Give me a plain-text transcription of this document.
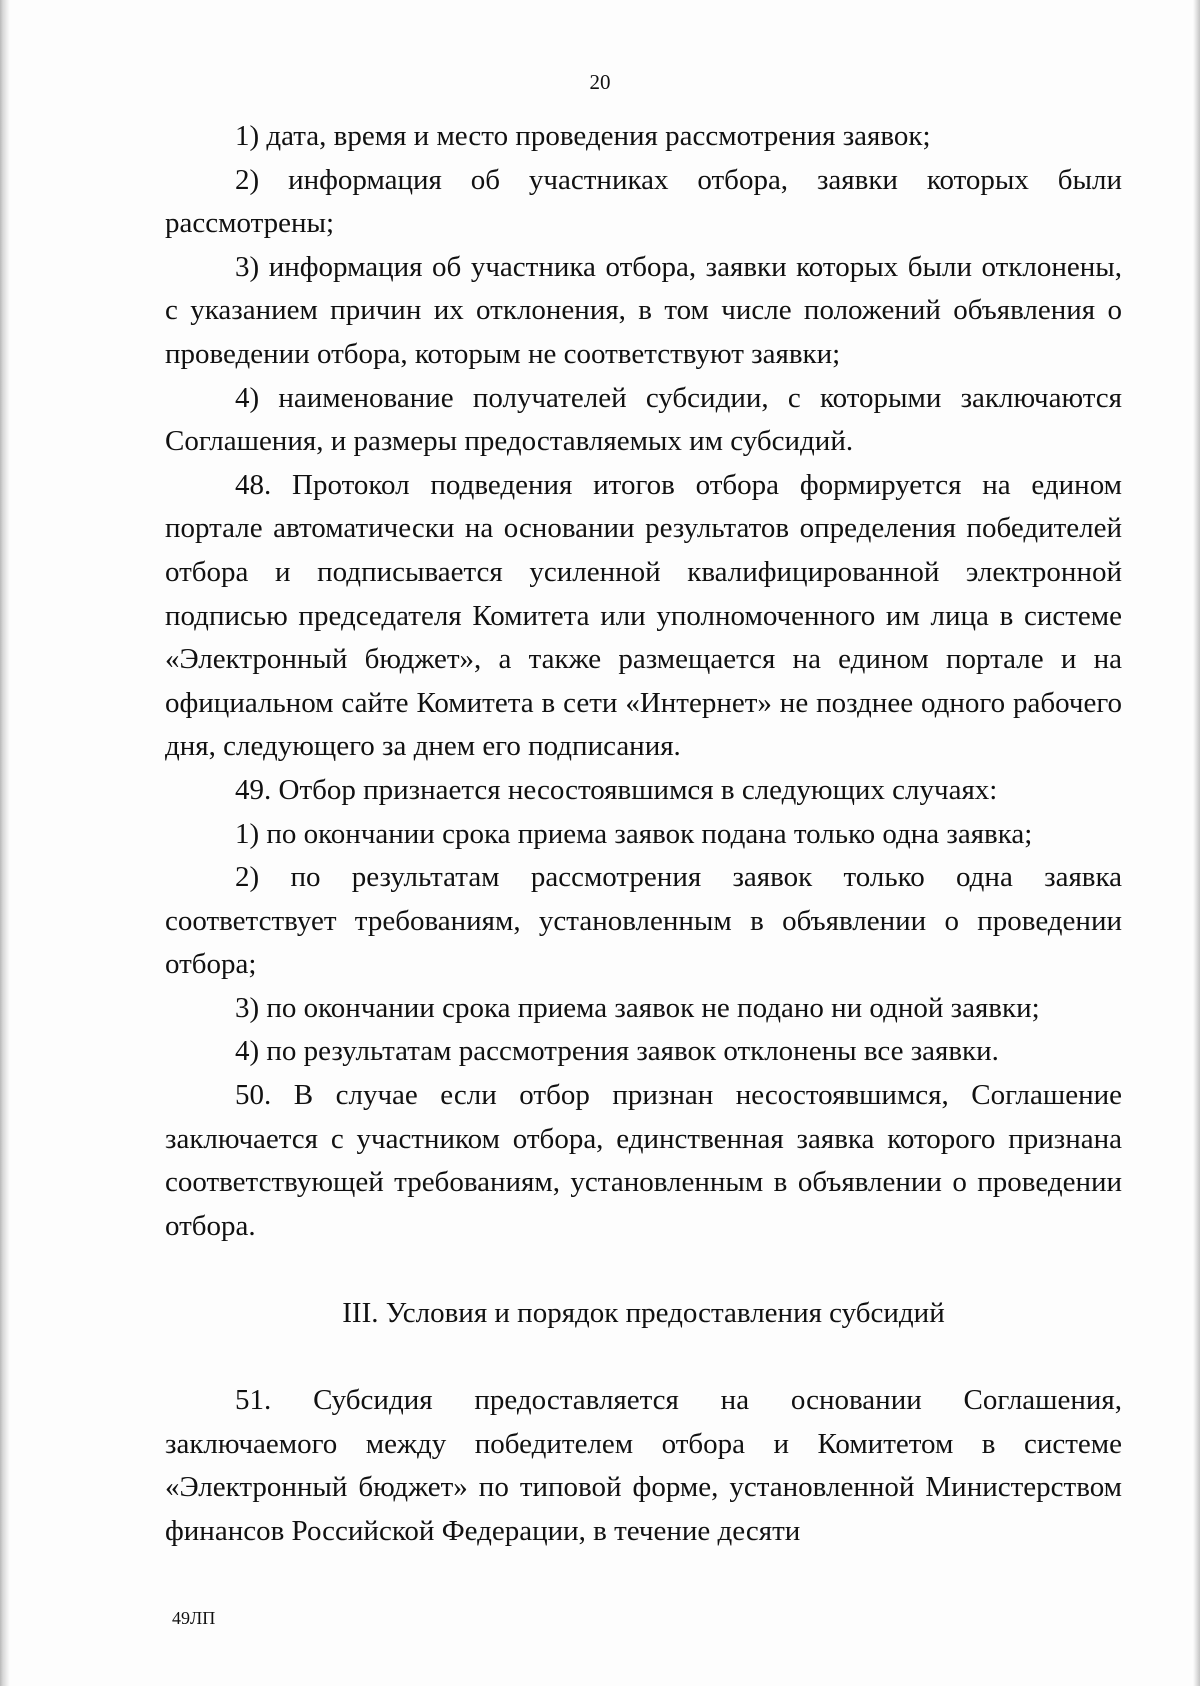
20

1) дата, время и место проведения рассмотрения заявок;

2) информация об участниках отбора, заявки которых были рассмотрены;

3) информация об участника отбора, заявки которых были отклонены, с указанием причин их отклонения, в том числе положений объявления о проведении отбора, которым не соответствуют заявки;

4) наименование получателей субсидии, с которыми заключаются Соглашения, и размеры предоставляемых им субсидий.

48. Протокол подведения итогов отбора формируется на едином портале автоматически на основании результатов определения победителей отбора и подписывается усиленной квалифицированной электронной подписью председателя Комитета или уполномоченного им лица в системе «Электронный бюджет», а также размещается на едином портале и на официальном сайте Комитета в сети «Интернет» не позднее одного рабочего дня, следующего за днем его подписания.

49. Отбор признается несостоявшимся в следующих случаях:

1) по окончании срока приема заявок подана только одна заявка;

2) по результатам рассмотрения заявок только одна заявка соответствует требованиям, установленным в объявлении о проведении отбора;

3) по окончании срока приема заявок не подано ни одной заявки;

4) по результатам рассмотрения заявок отклонены все заявки.

50. В случае если отбор признан несостоявшимся, Соглашение заключается с участником отбора, единственная заявка которого признана соответствующей требованиям, установленным в объявлении о проведении отбора.

III. Условия и порядок предоставления субсидий

51. Субсидия предоставляется на основании Соглашения, заключаемого между победителем отбора и Комитетом в системе «Электронный бюджет» по типовой форме, установленной Министерством финансов Российской Федерации, в течение десяти

49ЛП
